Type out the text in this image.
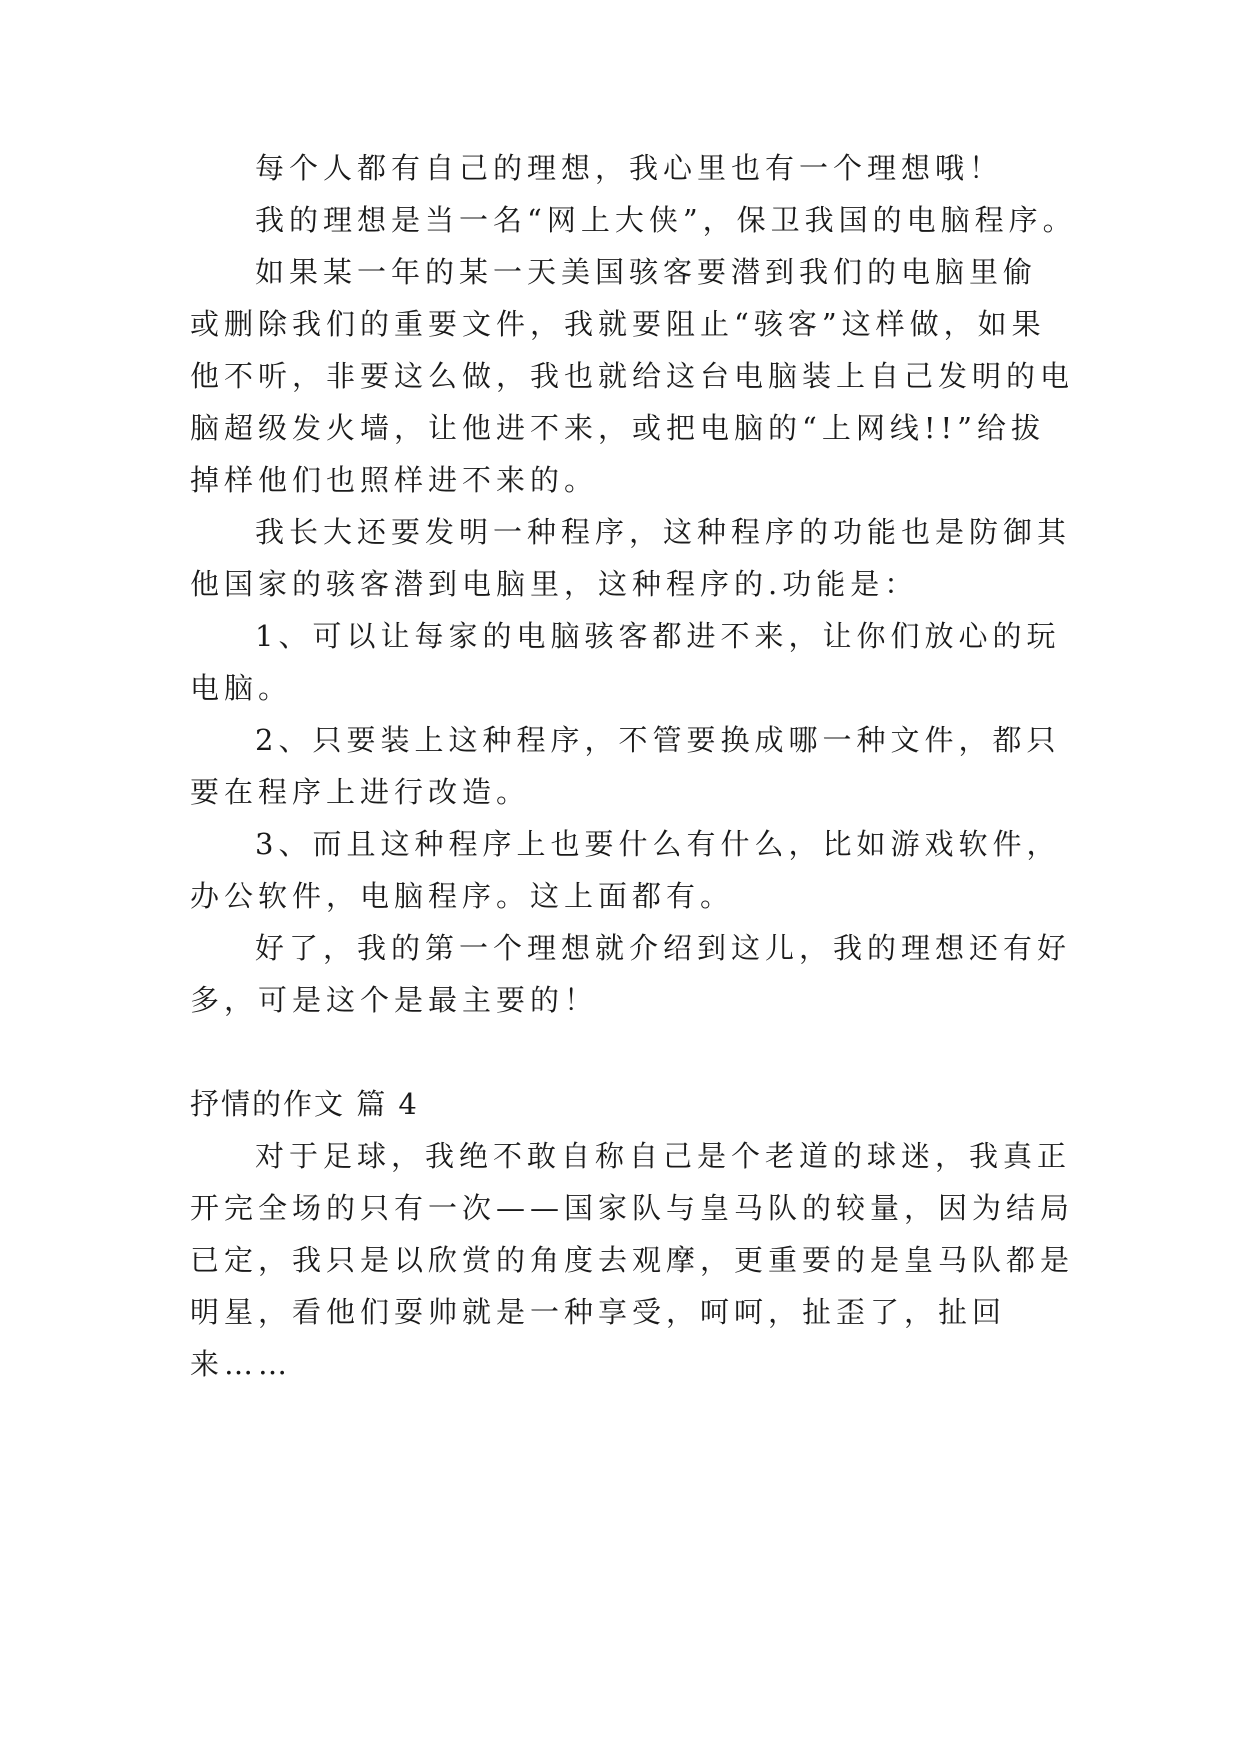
每个人都有自己的理想，我心里也有一个理想哦！
我的理想是当一名“网上大侠”，保卫我国的电脑程序。
如果某一年的某一天美国骇客要潜到我们的电脑里偷
或删除我们的重要文件，我就要阻止“骇客”这样做，如果
他不听，非要这么做，我也就给这台电脑装上自己发明的电
脑超级发火墙，让他进不来，或把电脑的“上网线!!”给拔
掉样他们也照样进不来的。
我长大还要发明一种程序，这种程序的功能也是防御其
他国家的骇客潜到电脑里，这种程序的.功能是：
1、可以让每家的电脑骇客都进不来，让你们放心的玩
电脑。
2、只要装上这种程序，不管要换成哪一种文件，都只
要在程序上进行改造。
3、而且这种程序上也要什么有什么，比如游戏软件，
办公软件，电脑程序。这上面都有。
好了，我的第一个理想就介绍到这儿，我的理想还有好
多，可是这个是最主要的！
抒情的作文 篇 4
对于足球，我绝不敢自称自己是个老道的球迷，我真正
开完全场的只有一次——国家队与皇马队的较量，因为结局
已定，我只是以欣赏的角度去观摩，更重要的是皇马队都是
明星，看他们耍帅就是一种享受，呵呵，扯歪了，扯回
来……
